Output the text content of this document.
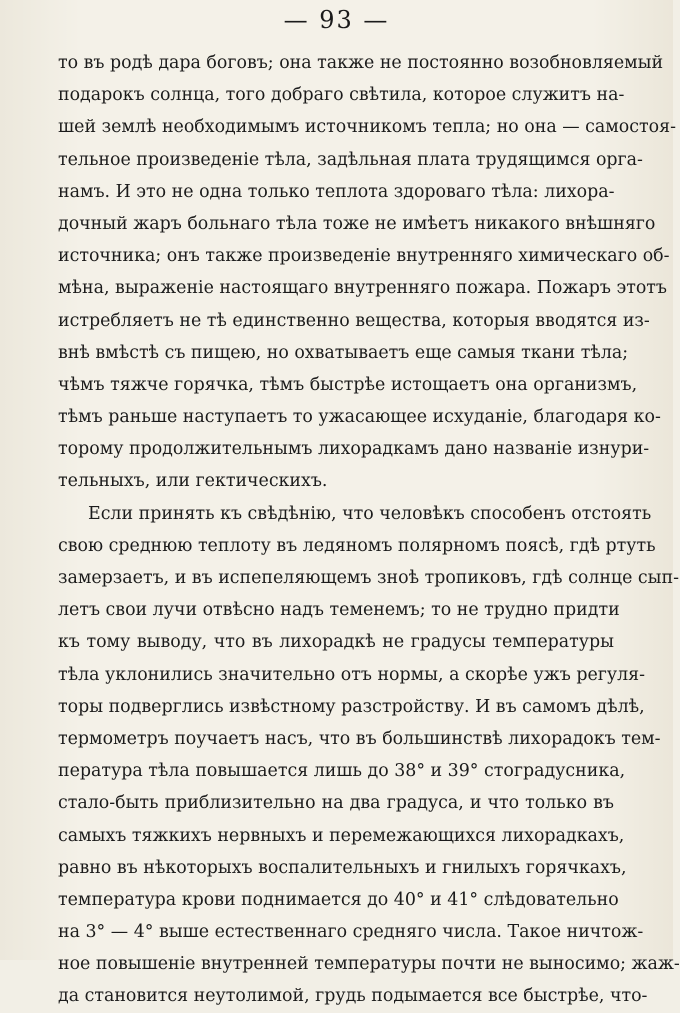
— 93 —
то въ родѣ дара боговъ; она также не постоянно возобновляемый
подарокъ солнца, того добраго свѣтила, которое служитъ на-
шей землѣ необходимымъ источникомъ тепла; но она — самостоя-
тельное произведеніе тѣла, задѣльная плата трудящимся орга-
намъ. И это не одна только теплота здороваго тѣла: лихора-
дочный жаръ больнаго тѣла тоже не имѣетъ никакого внѣшняго
источника; онъ также произведеніе внутренняго химическаго об-
мѣна, выраженіе настоящаго внутренняго пожара. Пожаръ этотъ
истребляетъ не тѣ единственно вещества, которыя вводятся из-
внѣ вмѣстѣ съ пищею, но охватываетъ еще самыя ткани тѣла;
чѣмъ тяжче горячка, тѣмъ быстрѣе истощаетъ она организмъ,
тѣмъ раньше наступаетъ то ужасающее исхуданіе, благодаря ко-
торому продолжительнымъ лихорадкамъ дано названіе изнури-
тельныхъ, или гектическихъ.
Если принять къ свѣдѣнію, что человѣкъ способенъ отстоять
свою среднюю теплоту въ ледяномъ полярномъ поясѣ, гдѣ ртуть
замерзаетъ, и въ испепеляющемъ зноѣ тропиковъ, гдѣ солнце сып-
летъ свои лучи отвѣсно надъ темeнемъ; то не трудно придти
къ тому выводу, что въ лихорадкѣ не градусы температуры
тѣла уклонились значительно отъ нормы, а скорѣе ужъ регуля-
торы подверглись извѣстному разстройству. И въ самомъ дѣлѣ,
термометръ поучаетъ насъ, что въ большинствѣ лихорадокъ тем-
пература тѣла повышается лишь до 38° и 39° стоградусника,
стало-быть приблизительно на два градуса, и что только въ
самыхъ тяжкихъ нервныхъ и перемежающихся лихорадкахъ,
равно въ нѣкоторыхъ воспалительныхъ и гнилыхъ горячкахъ,
температура крови поднимается до 40° и 41° слѣдовательно
на 3° — 4° выше естественнаго средняго числа. Такое ничтож-
ное повышеніе внутренней температуры почти не выносимо; жаж-
да становится неутолимой, грудь подымается все быстрѣе, что-
